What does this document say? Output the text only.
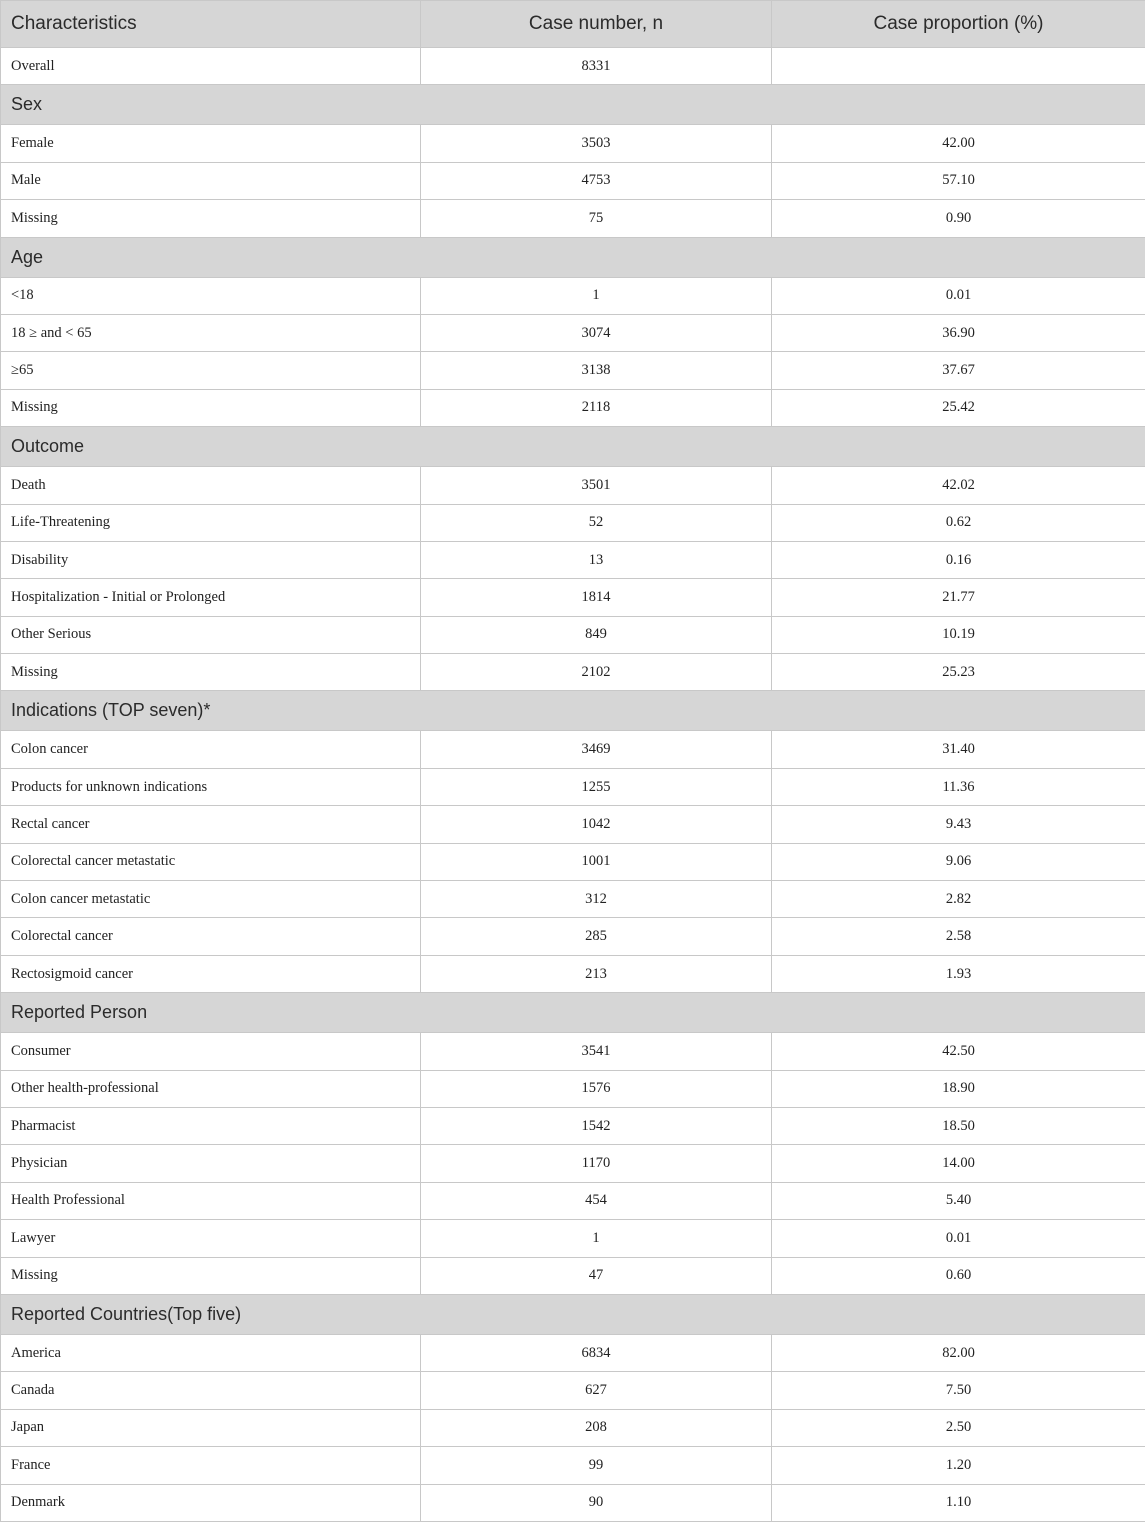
Characteristics	Case number, n	Case proportion (%)
Overall	8331	
Sex		
Female	3503	42.00
Male	4753	57.10
Missing	75	0.90
Age		
<18	1	0.01
18 ≥ and < 65	3074	36.90
≥65	3138	37.67
Missing	2118	25.42
Outcome		
Death	3501	42.02
Life-Threatening	52	0.62
Disability	13	0.16
Hospitalization - Initial or Prolonged	1814	21.77
Other Serious	849	10.19
Missing	2102	25.23
Indications (TOP seven)*		
Colon cancer	3469	31.40
Products for unknown indications	1255	11.36
Rectal cancer	1042	9.43
Colorectal cancer metastatic	1001	9.06
Colon cancer metastatic	312	2.82
Colorectal cancer	285	2.58
Rectosigmoid cancer	213	1.93
Reported Person		
Consumer	3541	42.50
Other health-professional	1576	18.90
Pharmacist	1542	18.50
Physician	1170	14.00
Health Professional	454	5.40
Lawyer	1	0.01
Missing	47	0.60
Reported Countries(Top five)		
America	6834	82.00
Canada	627	7.50
Japan	208	2.50
France	99	1.20
Denmark	90	1.10
